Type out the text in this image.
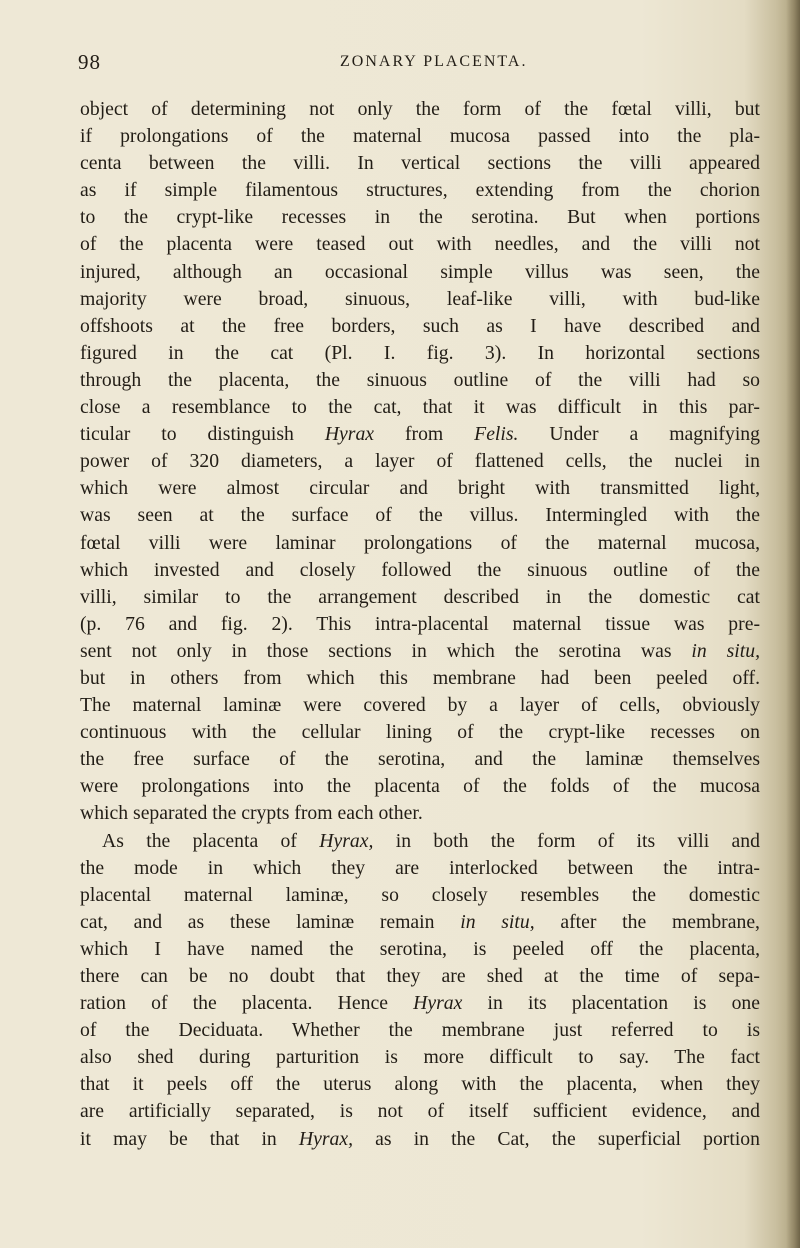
98	ZONARY PLACENTA.
object of determining not only the form of the fœtal villi, but
if prolongations of the maternal mucosa passed into the pla-
centa between the villi. In vertical sections the villi appeared
as if simple filamentous structures, extending from the chorion
to the crypt-like recesses in the serotina. But when portions
of the placenta were teased out with needles, and the villi not
injured, although an occasional simple villus was seen, the
majority were broad, sinuous, leaf-like villi, with bud-like
offshoots at the free borders, such as I have described and
figured in the cat (Pl. I. fig. 3). In horizontal sections
through the placenta, the sinuous outline of the villi had so
close a resemblance to the cat, that it was difficult in this par-
ticular to distinguish Hyrax from Felis. Under a magnifying
power of 320 diameters, a layer of flattened cells, the nuclei in
which were almost circular and bright with transmitted light,
was seen at the surface of the villus. Intermingled with the
fœtal villi were laminar prolongations of the maternal mucosa,
which invested and closely followed the sinuous outline of the
villi, similar to the arrangement described in the domestic cat
(p. 76 and fig. 2). This intra-placental maternal tissue was pre-
sent not only in those sections in which the serotina was in situ,
but in others from which this membrane had been peeled off.
The maternal laminæ were covered by a layer of cells, obviously
continuous with the cellular lining of the crypt-like recesses on
the free surface of the serotina, and the laminæ themselves
were prolongations into the placenta of the folds of the mucosa
which separated the crypts from each other.
As the placenta of Hyrax, in both the form of its villi and
the mode in which they are interlocked between the intra-
placental maternal laminæ, so closely resembles the domestic
cat, and as these laminæ remain in situ, after the membrane,
which I have named the serotina, is peeled off the placenta,
there can be no doubt that they are shed at the time of sepa-
ration of the placenta. Hence Hyrax in its placentation is one
of the Deciduata. Whether the membrane just referred to is
also shed during parturition is more difficult to say. The fact
that it peels off the uterus along with the placenta, when they
are artificially separated, is not of itself sufficient evidence, and
it may be that in Hyrax, as in the Cat, the superficial portion
